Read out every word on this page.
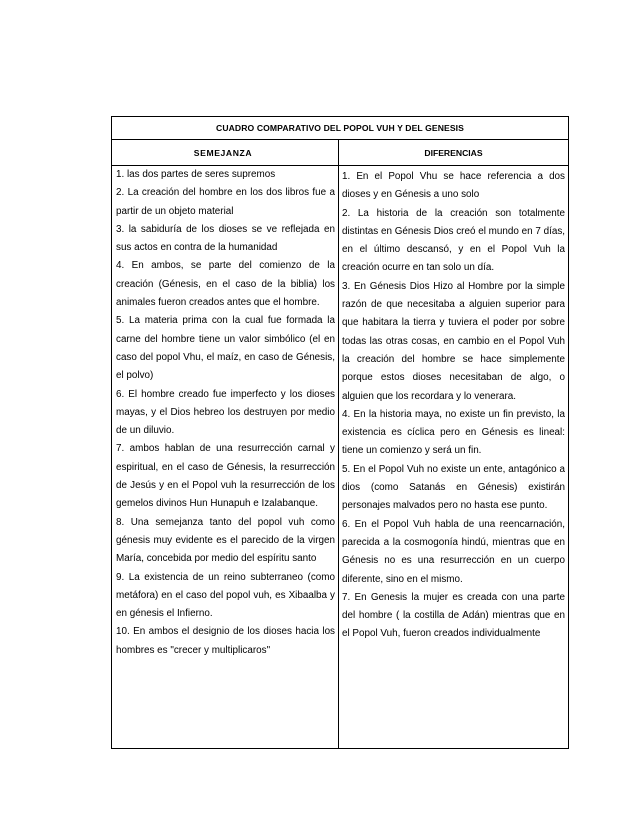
CUADRO COMPARATIVO DEL POPOL VUH Y DEL GENESIS
SEMEJANZA	DIFERENCIAS

1. las dos partes de seres supremos

2. La creación del hombre en los dos libros fue a partir de un objeto material

3. la sabiduría de los dioses se ve reflejada en sus actos en contra de la humanidad

4. En ambos, se parte del comienzo de la creación (Génesis, en el caso de la biblia) los animales fueron creados antes que el hombre.

5. La materia prima con la cual fue formada la carne del hombre tiene un valor simbólico (el en caso del popol Vhu, el maíz, en caso de Génesis, el polvo)

6. El hombre creado fue imperfecto y los dioses mayas, y el Dios hebreo los destruyen por medio de un diluvio.

7. ambos hablan de una resurrección carnal y espiritual, en el caso de Génesis, la resurrección de Jesús y en el Popol vuh la resurrección de los gemelos divinos Hun Hunapuh e Izalabanque.

8. Una semejanza tanto del popol vuh como génesis muy evidente es el parecido de la virgen María, concebida por medio del espíritu santo

9. La existencia de un reino subterraneo (como metáfora) en el caso del popol vuh, es Xibaalba y en génesis el Infierno.

10. En ambos el designio de los dioses hacia los hombres es "crecer y multiplicaros"

1. En el Popol Vhu se hace referencia a dos dioses y en Génesis a uno solo

2. La historia de la creación son totalmente distintas en Génesis Dios creó el mundo en 7 días, en el último descansó, y en el Popol Vuh la creación ocurre en tan solo un día.

3. En Génesis Dios Hizo al Hombre por la simple razón de que necesitaba a alguien superior para que habitara la tierra y tuviera el poder por sobre todas las otras cosas, en cambio en el Popol Vuh la creación del hombre se hace simplemente porque estos dioses necesitaban de algo, o alguien que los recordara y lo venerara.

4. En la historia maya, no existe un fin previsto, la existencia es cíclica pero en Génesis es lineal: tiene un comienzo y será un fin.

5. En el Popol Vuh no existe un ente, antagónico a dios (como Satanás en Génesis) existirán personajes malvados pero no hasta ese punto.

6. En el Popol Vuh habla de una reencarnación, parecida a la cosmogonía hindú, mientras que en Génesis no es una resurrección en un cuerpo diferente, sino en el mismo.

7. En Genesis la mujer es creada con una parte del hombre ( la costilla de Adán) mientras que en el Popol Vuh, fueron creados individualmente
